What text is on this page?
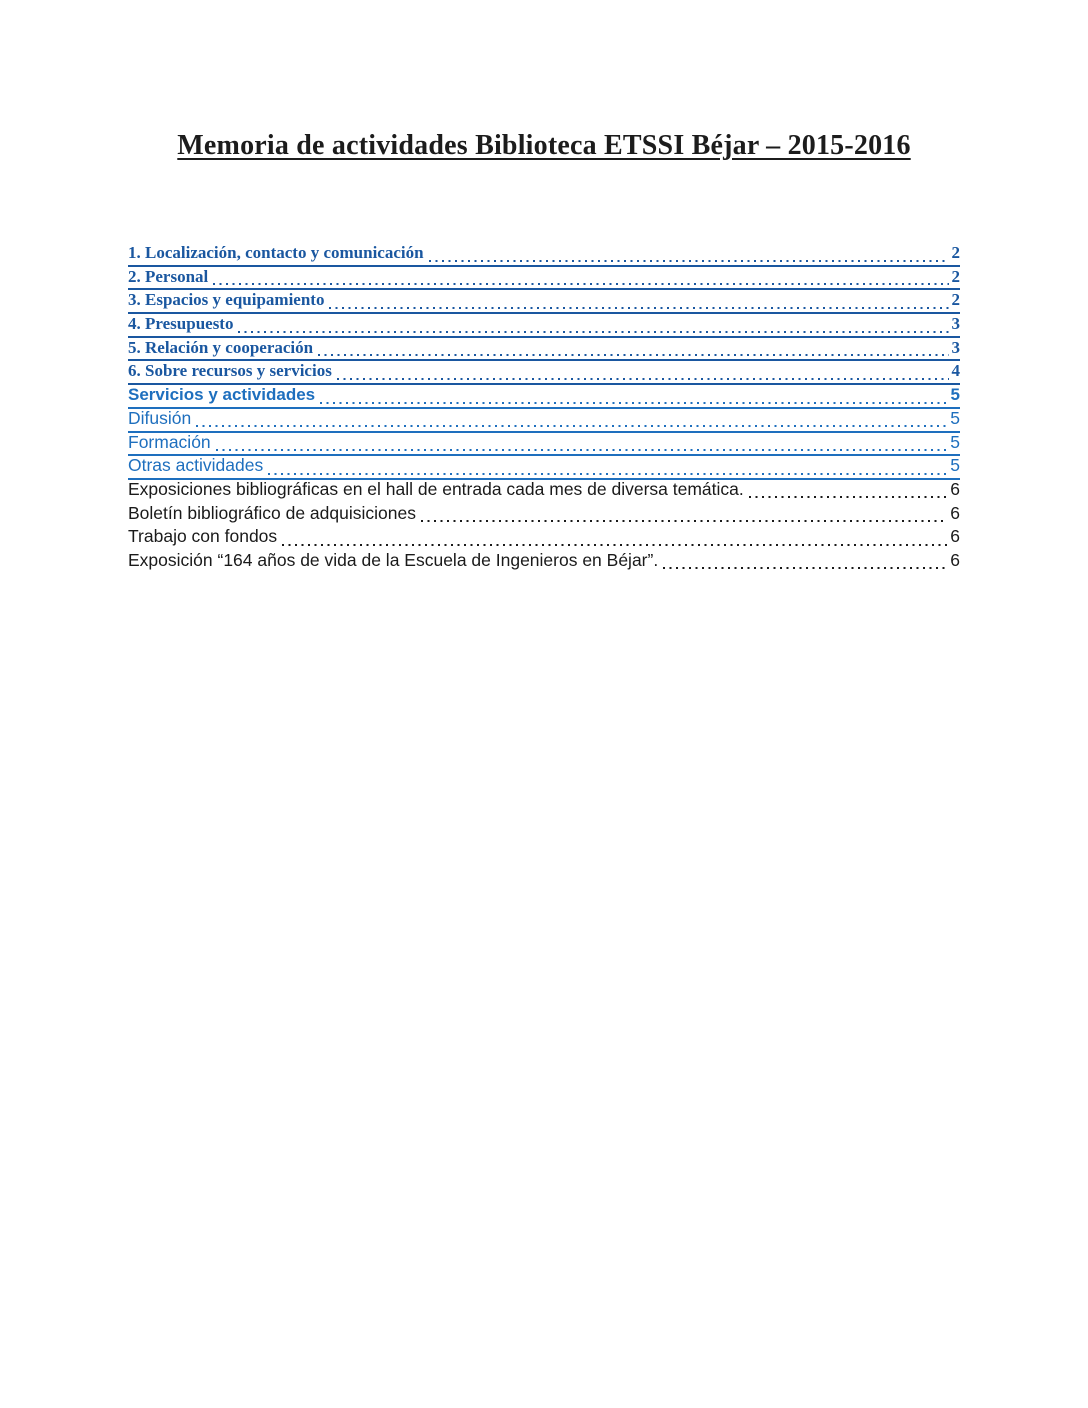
Memoria de actividades Biblioteca ETSSI Béjar – 2015-2016
1. Localización, contacto y comunicación	2
2. Personal	2
3. Espacios y equipamiento	2
4. Presupuesto	3
5. Relación y cooperación	3
6. Sobre recursos y servicios	4
Servicios y actividades	5
Difusión	5
Formación	5
Otras actividades	5
Exposiciones bibliográficas en el hall de entrada cada mes de diversa temática.	6
Boletín bibliográfico de adquisiciones	6
Trabajo con fondos	6
Exposición “164 años de vida de la Escuela de Ingenieros en Béjar”.	6
